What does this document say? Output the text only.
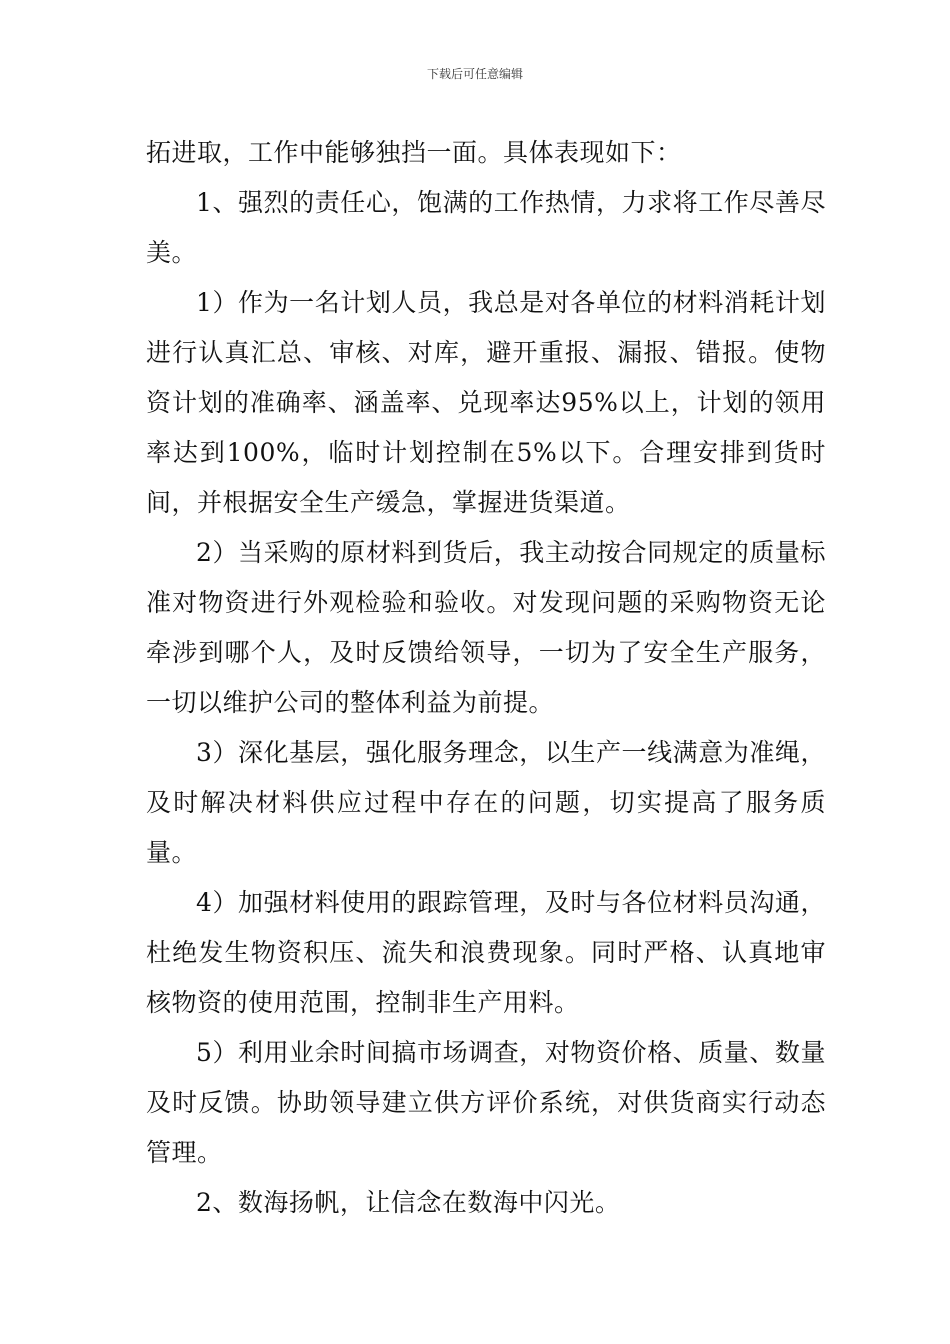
下载后可任意编辑

拓进取，工作中能够独挡一面。具体表现如下：

1、强烈的责任心，饱满的工作热情，力求将工作尽善尽美。

1）作为一名计划人员，我总是对各单位的材料消耗计划进行认真汇总、审核、对库，避开重报、漏报、错报。使物资计划的准确率、涵盖率、兑现率达95%以上，计划的领用率达到100%，临时计划控制在5%以下。合理安排到货时间，并根据安全生产缓急，掌握进货渠道。

2）当采购的原材料到货后，我主动按合同规定的质量标准对物资进行外观检验和验收。对发现问题的采购物资无论牵涉到哪个人，及时反馈给领导，一切为了安全生产服务，一切以维护公司的整体利益为前提。

3）深化基层，强化服务理念，以生产一线满意为准绳，及时解决材料供应过程中存在的问题，切实提高了服务质量。

4）加强材料使用的跟踪管理，及时与各位材料员沟通，杜绝发生物资积压、流失和浪费现象。同时严格、认真地审核物资的使用范围，控制非生产用料。

5）利用业余时间搞市场调查，对物资价格、质量、数量及时反馈。协助领导建立供方评价系统，对供货商实行动态管理。

2、数海扬帆，让信念在数海中闪光。
